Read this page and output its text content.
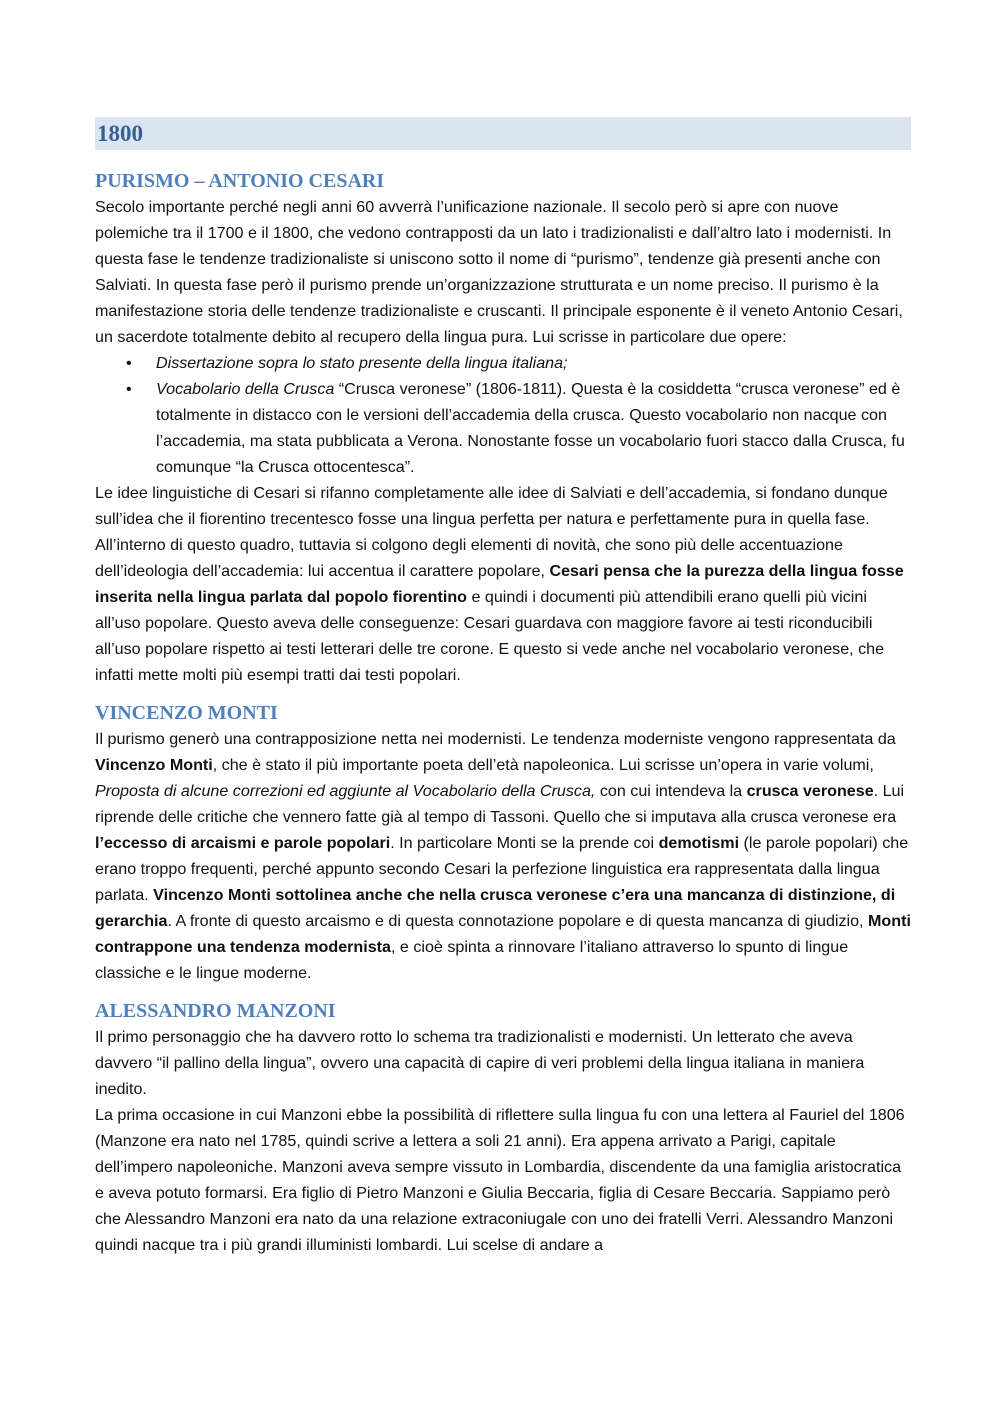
1800
PURISMO – ANTONIO CESARI

Secolo importante perché negli anni 60 avverrà l’unificazione nazionale. Il secolo però si apre con nuove polemiche tra il 1700 e il 1800, che vedono contrapposti da un lato i tradizionalisti e dall’altro lato i modernisti. In questa fase le tendenze tradizionaliste si uniscono sotto il nome di “purismo”, tendenze già presenti anche con Salviati. In questa fase però il purismo prende un’organizzazione strutturata e un nome preciso. Il purismo è la manifestazione storia delle tendenze tradizionaliste e cruscanti. Il principale esponente è il veneto Antonio Cesari, un sacerdote totalmente debito al recupero della lingua pura. Lui scrisse in particolare due opere:

• Dissertazione sopra lo stato presente della lingua italiana;
• Vocabolario della Crusca “Crusca veronese” (1806-1811). Questa è la cosiddetta “crusca veronese” ed è totalmente in distacco con le versioni dell’accademia della crusca. Questo vocabolario non nacque con l’accademia, ma stata pubblicata a Verona. Nonostante fosse un vocabolario fuori stacco dalla Crusca, fu comunque “la Crusca ottocentesca”.

Le idee linguistiche di Cesari si rifanno completamente alle idee di Salviati e dell’accademia, si fondano dunque sull’idea che il fiorentino trecentesco fosse una lingua perfetta per natura e perfettamente pura in quella fase. All’interno di questo quadro, tuttavia si colgono degli elementi di novità, che sono più delle accentuazione dell’ideologia dell’accademia: lui accentua il carattere popolare, Cesari pensa che la purezza della lingua fosse inserita nella lingua parlata dal popolo fiorentino e quindi i documenti più attendibili erano quelli più vicini all’uso popolare. Questo aveva delle conseguenze: Cesari guardava con maggiore favore ai testi riconducibili all’uso popolare rispetto ai testi letterari delle tre corone. E questo si vede anche nel vocabolario veronese, che infatti mette molti più esempi tratti dai testi popolari.

VINCENZO MONTI

Il purismo generò una contrapposizione netta nei modernisti. Le tendenza moderniste vengono rappresentata da Vincenzo Monti, che è stato il più importante poeta dell’età napoleonica. Lui scrisse un’opera in varie volumi, Proposta di alcune correzioni ed aggiunte al Vocabolario della Crusca, con cui intendeva la crusca veronese. Lui riprende delle critiche che vennero fatte già al tempo di Tassoni. Quello che si imputava alla crusca veronese era l’eccesso di arcaismi e parole popolari. In particolare Monti se la prende coi demotismi (le parole popolari) che erano troppo frequenti, perché appunto secondo Cesari la perfezione linguistica era rappresentata dalla lingua parlata. Vincenzo Monti sottolinea anche che nella crusca veronese c’era una mancanza di distinzione, di gerarchia. A fronte di questo arcaismo e di questa connotazione popolare e di questa mancanza di giudizio, Monti contrappone una tendenza modernista, e cioè spinta a rinnovare l’italiano attraverso lo spunto di lingue classiche e le lingue moderne.

ALESSANDRO MANZONI

Il primo personaggio che ha davvero rotto lo schema tra tradizionalisti e modernisti. Un letterato che aveva davvero “il pallino della lingua”, ovvero una capacità di capire di veri problemi della lingua italiana in maniera inedito.

La prima occasione in cui Manzoni ebbe la possibilità di riflettere sulla lingua fu con una lettera al Fauriel del 1806 (Manzone era nato nel 1785, quindi scrive a lettera a soli 21 anni). Era appena arrivato a Parigi, capitale dell’impero napoleoniche. Manzoni aveva sempre vissuto in Lombardia, discendente da una famiglia aristocratica e aveva potuto formarsi. Era figlio di Pietro Manzoni e Giulia Beccaria, figlia di Cesare Beccaria. Sappiamo però che Alessandro Manzoni era nato da una relazione extraconiugale con uno dei fratelli Verri. Alessandro Manzoni quindi nacque tra i più grandi illuministi lombardi. Lui scelse di andare a
